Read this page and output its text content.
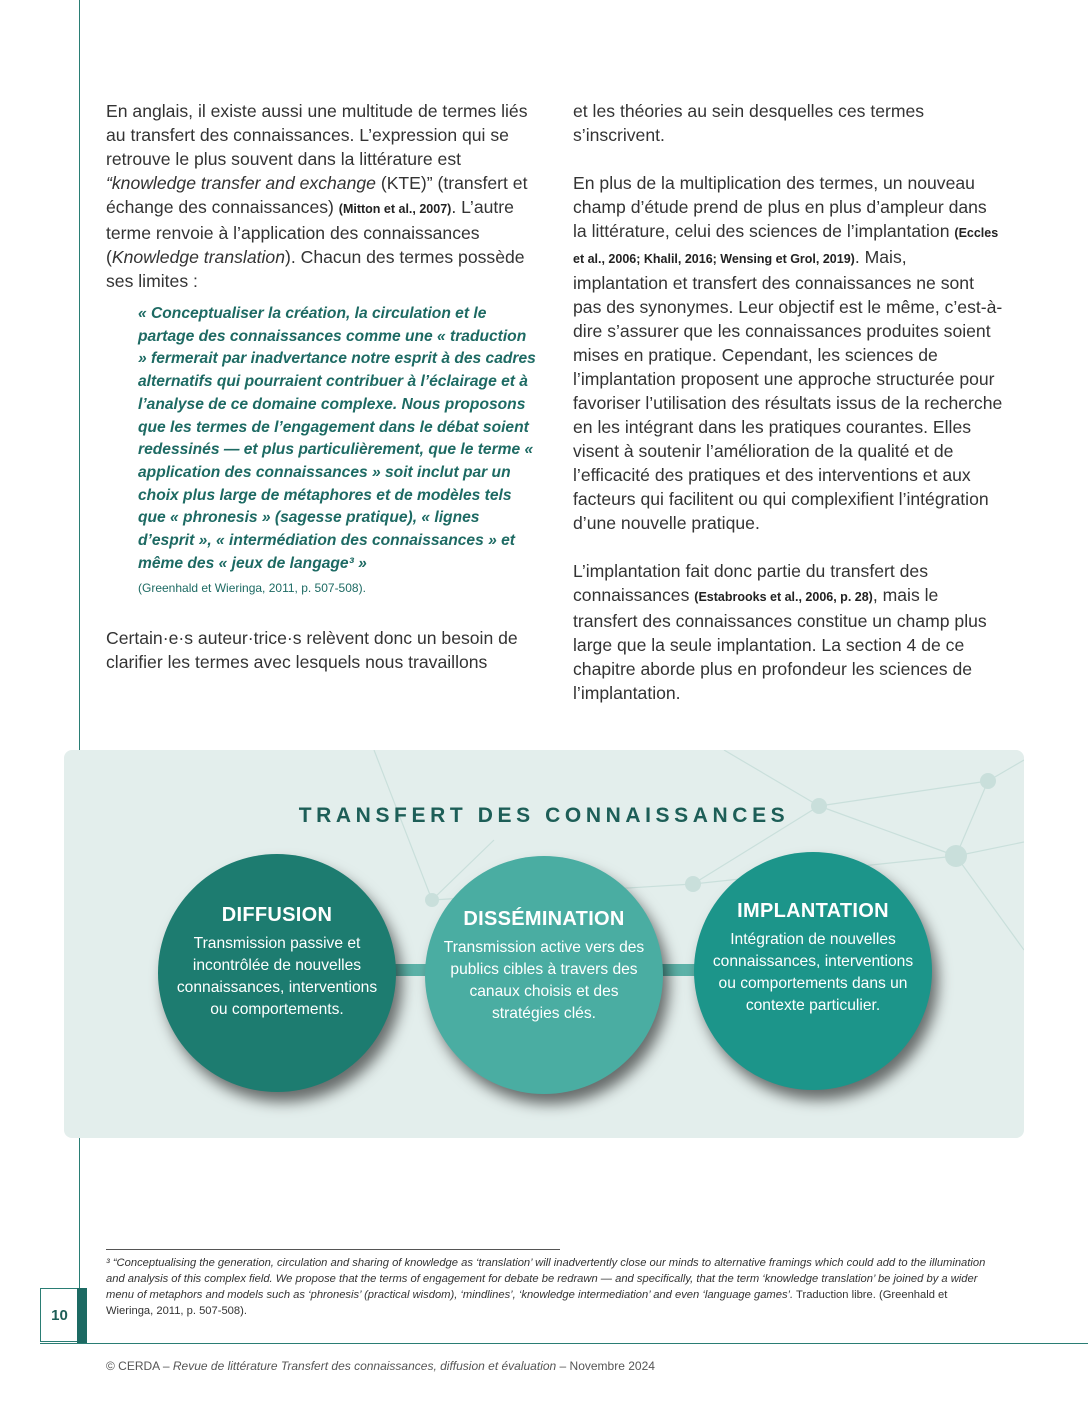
En anglais, il existe aussi une multitude de termes liés au transfert des connaissances. L’expression qui se retrouve le plus souvent dans la littérature est “knowledge transfer and exchange (KTE)” (transfert et échange des connaissances) (Mitton et al., 2007). L’autre terme renvoie à l’application des connaissances (Knowledge translation). Chacun des termes possède ses limites :

« Conceptualiser la création, la circulation et le partage des connaissances comme une « traduction » fermerait par inadvertance notre esprit à des cadres alternatifs qui pourraient contribuer à l’éclairage et à l’analyse de ce domaine complexe. Nous proposons que les termes de l’engagement dans le débat soient redessinés — et plus particulièrement, que le terme « application des connaissances » soit inclut par un choix plus large de métaphores et de modèles tels que « phronesis » (sagesse pratique), « lignes d’esprit », « intermédiation des connaissances » et même des « jeux de langage³ »
(Greenhald et Wieringa, 2011, p. 507-508).

Certain·e·s auteur·trice·s relèvent donc un besoin de clarifier les termes avec lesquels nous travaillons

et les théories au sein desquelles ces termes s’inscrivent.

En plus de la multiplication des termes, un nouveau champ d’étude prend de plus en plus d’ampleur dans la littérature, celui des sciences de l’implantation (Eccles et al., 2006; Khalil, 2016; Wensing et Grol, 2019). Mais, implantation et transfert des connaissances ne sont pas des synonymes. Leur objectif est le même, c’est-à-dire s’assurer que les connaissances produites soient mises en pratique. Cependant, les sciences de l’implantation proposent une approche structurée pour favoriser l’utilisation des résultats issus de la recherche en les intégrant dans les pratiques courantes. Elles visent à soutenir l’amélioration de la qualité et de l’efficacité des pratiques et des interventions et aux facteurs qui facilitent ou qui complexifient l’intégration d’une nouvelle pratique.

L’implantation fait donc partie du transfert des connaissances (Estabrooks et al., 2006, p. 28), mais le transfert des connaissances constitue un champ plus large que la seule implantation. La section 4 de ce chapitre aborde plus en profondeur les sciences de l’implantation.

TRANSFERT DES CONNAISSANCES
DIFFUSION
Transmission passive et incontrôlée de nouvelles connaissances, interventions ou comportements.
DISSÉMINATION
Transmission active vers des publics cibles à travers des canaux choisis et des stratégies clés.
IMPLANTATION
Intégration de nouvelles connaissances, interventions ou comportements dans un contexte particulier.
³ “Conceptualising the generation, circulation and sharing of knowledge as ‘translation’ will inadvertently close our minds to alternative framings which could add to the illumination and analysis of this complex field. We propose that the terms of engagement for debate be redrawn — and specifically, that the term ‘knowledge translation’ be joined by a wider menu of metaphors and models such as ‘phronesis’ (practical wisdom), ‘mindlines’, ‘knowledge intermediation’ and even ‘language games’. Traduction libre. (Greenhald et Wieringa, 2011, p. 507-508).
10
© CERDA – Revue de littérature Transfert des connaissances, diffusion et évaluation – Novembre 2024
